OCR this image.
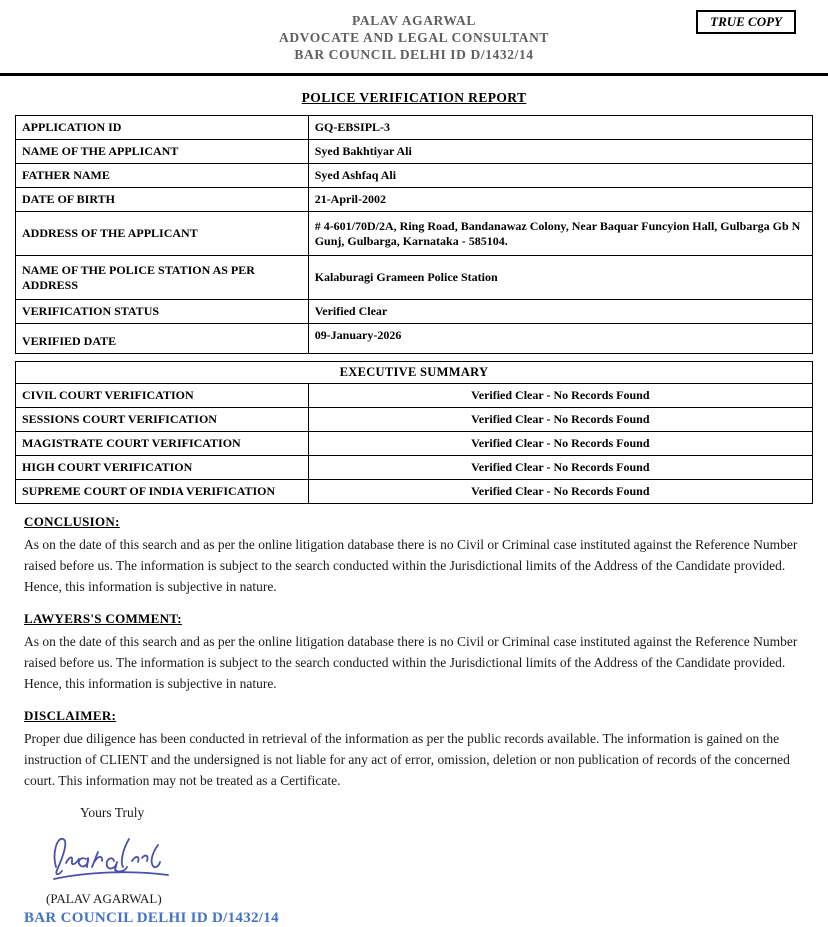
PALAV AGARWAL
ADVOCATE AND LEGAL CONSULTANT
BAR COUNCIL DELHI ID D/1432/14
TRUE COPY
POLICE VERIFICATION REPORT
APPLICATION ID	GQ-EBSIPL-3
NAME OF THE APPLICANT	Syed Bakhtiyar Ali
FATHER NAME	Syed Ashfaq Ali
DATE OF BIRTH	21-April-2002
ADDRESS OF THE APPLICANT	# 4-601/70D/2A, Ring Road, Bandanawaz Colony, Near Baquar Funcyion Hall, Gulbarga Gb N Gunj, Gulbarga, Karnataka - 585104.
NAME OF THE POLICE STATION AS PER ADDRESS	Kalaburagi Grameen Police Station
VERIFICATION STATUS	Verified Clear
VERIFIED DATE	09-January-2026
EXECUTIVE SUMMARY	
CIVIL COURT VERIFICATION	Verified Clear - No Records Found
SESSIONS COURT VERIFICATION	Verified Clear - No Records Found
MAGISTRATE COURT VERIFICATION	Verified Clear - No Records Found
HIGH COURT VERIFICATION	Verified Clear - No Records Found
SUPREME COURT OF INDIA VERIFICATION	Verified Clear - No Records Found
CONCLUSION:
As on the date of this search and as per the online litigation database there is no Civil or Criminal case instituted against the Reference Number raised before us. The information is subject to the search conducted within the Jurisdictional limits of the Address of the Candidate provided. Hence, this information is subjective in nature.
LAWYERS'S COMMENT:
As on the date of this search and as per the online litigation database there is no Civil or Criminal case instituted against the Reference Number raised before us. The information is subject to the search conducted within the Jurisdictional limits of the Address of the Candidate provided. Hence, this information is subjective in nature.
DISCLAIMER:
Proper due diligence has been conducted in retrieval of the information as per the public records available. The information is gained on the instruction of CLIENT and the undersigned is not liable for any act of error, omission, deletion or non publication of records of the concerned court. This information may not be treated as a Certificate.
Yours Truly
(PALAV AGARWAL)
BAR COUNCIL DELHI ID D/1432/14
